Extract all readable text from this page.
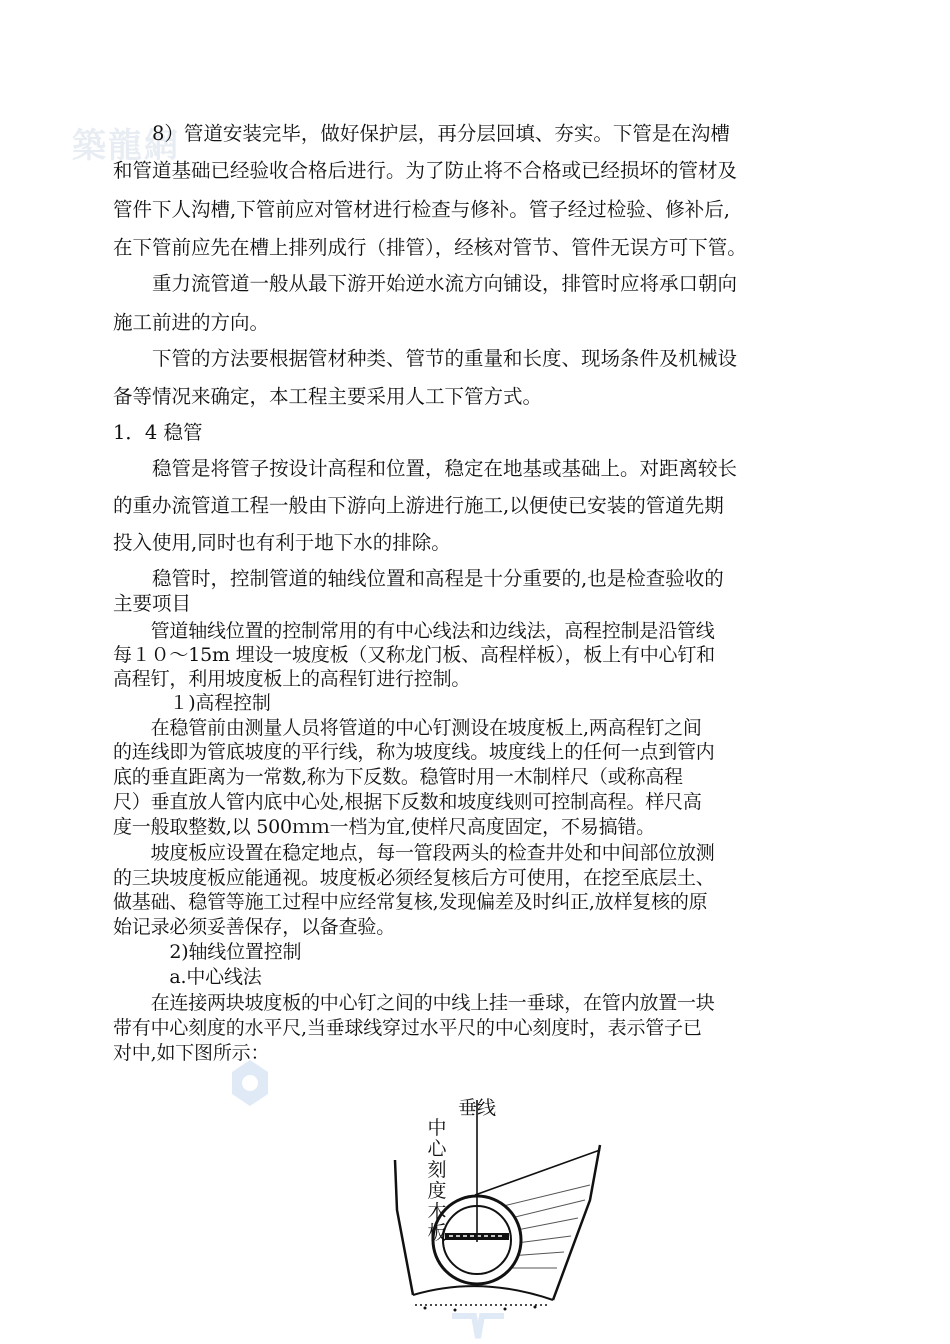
築龍網
　　8）管道安装完毕，做好保护层，再分层回填、夯实。下管是在沟槽
和管道基础已经验收合格后进行。为了防止将不合格或已经损坏的管材及
管件下人沟槽,下管前应对管材进行检查与修补。管子经过检验、修补后,
在下管前应先在槽上排列成行（排管），经核对管节、管件无误方可下管。
　　重力流管道一般从最下游开始逆水流方向铺设，排管时应将承口朝向
施工前进的方向。
　　下管的方法要根据管材种类、管节的重量和长度、现场条件及机械设
备等情况来确定，本工程主要采用人工下管方式。
1．4 稳管
　　稳管是将管子按设计高程和位置，稳定在地基或基础上。对距离较长
的重办流管道工程一般由下游向上游进行施工,以便使已安装的管道先期
投入使用,同时也有利于地下水的排除。
　　稳管时，控制管道的轴线位置和高程是十分重要的,也是检查验收的
主要项目
　　管道轴线位置的控制常用的有中心线法和边线法，高程控制是沿管线
每１０～15m 埋设一坡度板（又称龙门板、高程样板），板上有中心钉和
高程钉，利用坡度板上的高程钉进行控制。
　　　１)高程控制
　　在稳管前由测量人员将管道的中心钉测设在坡度板上,两高程钉之间
的连线即为管底坡度的平行线，称为坡度线。坡度线上的任何一点到管内
底的垂直距离为一常数,称为下反数。稳管时用一木制样尺（或称高程
尺）垂直放人管内底中心处,根据下反数和坡度线则可控制高程。样尺高
度一般取整数,以 500ｍｍ一档为宜,使样尺高度固定，不易搞错。
　　坡度板应设置在稳定地点，每一管段两头的检查井处和中间部位放测
的三块坡度板应能通视。坡度板必须经复核后方可使用，在挖至底层土、
做基础、稳管等施工过程中应经常复核,发现偏差及时纠正,放样复核的原
始记录必须妥善保存，以备查验。
　　　2)轴线位置控制
　　　a.中心线法
　　在连接两块坡度板的中心钉之间的中线上挂一垂球，在管内放置一块
带有中心刻度的水平尺,当垂球线穿过水平尺的中心刻度时，表示管子已
对中,如下图所示：
垂线
中心刻度木板
